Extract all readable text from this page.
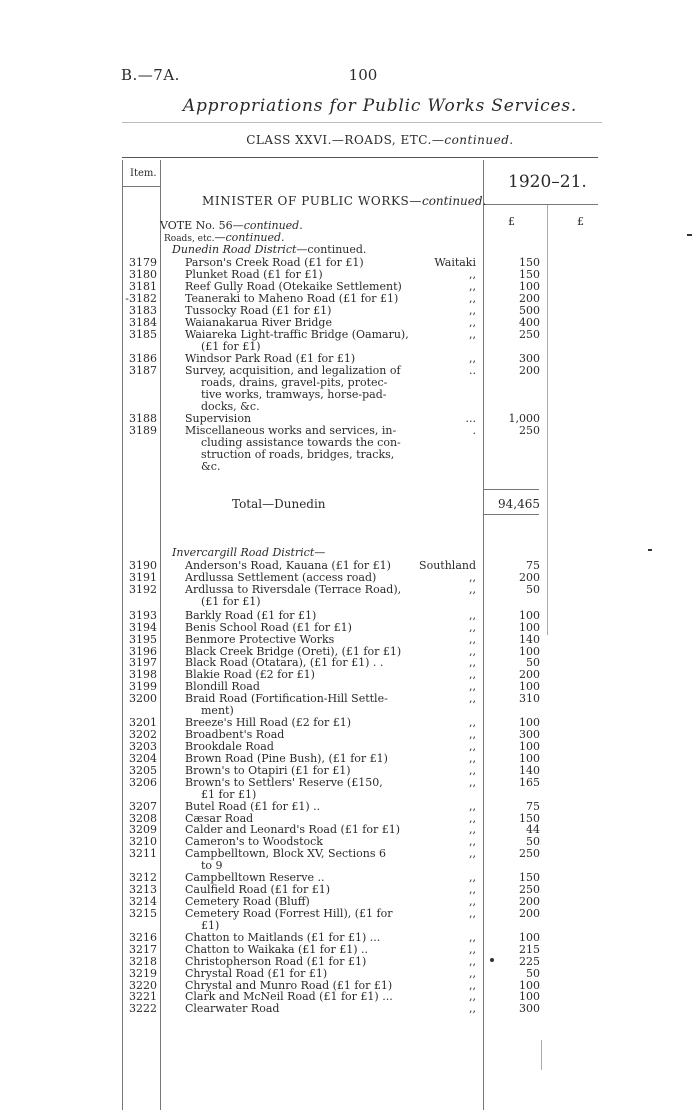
B.—7A.	100
Appropriations for Public Works Services.
CLASS XXVI.—ROADS, ETC.—continued.
Item.	1920–21.
MINISTER OF PUBLIC WORKS—continued.
£	£
VOTE No. 56—continued.
Roads, etc.—continued.
Dunedin Road District—continued.
3179	Parson's Creek Road (£1 for £1)	Waitaki	150
3180	Plunket Road (£1 for £1)	,,	150
3181	Reef Gully Road (Otekaike Settlement)	,,	100
-3182	Teaneraki to Maheno Road (£1 for £1)	,,	200
3183	Tussocky Road (£1 for £1)	,,	500
3184	Waianakarua River Bridge	,,	400
3185	Waiareka Light-traffic Bridge (Oamaru),	,,	250
(£1 for £1)
3186	Windsor Park Road (£1 for £1)	,,	300
3187	Survey, acquisition, and legalization of	..	200
roads, drains, gravel-pits, protec-
tive works, tramways, horse-pad-
docks, &c.
3188	Supervision	...	1,000
3189	Miscellaneous works and services, in-	.	250
cluding assistance towards the con-
struction of roads, bridges, tracks,
&c.
Total—Dunedin	94,465
Invercargill Road District—
3190	Anderson's Road, Kauana (£1 for £1)	Southland	75
3191	Ardlussa Settlement (access road)	,,	200
3192	Ardlussa to Riversdale (Terrace Road),	,,	50
(£1 for £1)
3193	Barkly Road (£1 for £1)	,,	100
3194	Benis School Road (£1 for £1)	,,	100
3195	Benmore Protective Works	,,	140
3196	Black Creek Bridge (Oreti), (£1 for £1)	,,	100
3197	Black Road (Otatara), (£1 for £1) . .	,,	50
3198	Blakie Road (£2 for £1)	,,	200
3199	Blondill Road	,,	100
3200	Braid Road (Fortification-Hill Settle-	,,	310
ment)
3201	Breeze's Hill Road (£2 for £1)	,,	100
3202	Broadbent's Road	,,	300
3203	Brookdale Road	,,	100
3204	Brown Road (Pine Bush), (£1 for £1)	,,	100
3205	Brown's to Otapiri (£1 for £1)	,,	140
3206	Brown's to Settlers' Reserve (£150,	,,	165
£1 for £1)
3207	Butel Road (£1 for £1) ..	,,	75
3208	Cæsar Road	,,	150
3209	Calder and Leonard's Road (£1 for £1)	,,	44
3210	Cameron's to Woodstock	,,	50
3211	Campbelltown, Block XV, Sections 6	,,	250
to 9
3212	Campbelltown Reserve ..	,,	150
3213	Caulfield Road (£1 for £1)	,,	250
3214	Cemetery Road (Bluff)	,,	200
3215	Cemetery Road (Forrest Hill), (£1 for	,,	200
£1)
3216	Chatton to Maitlands (£1 for £1) ...	,,	100
3217	Chatton to Waikaka (£1 for £1) ..	,,	215
3218	Christopherson Road (£1 for £1)	,,	225
3219	Chrystal Road (£1 for £1)	,,	50
3220	Chrystal and Munro Road (£1 for £1)	,,	100
3221	Clark and McNeil Road (£1 for £1) ...	,,	100
3222	Clearwater Road	,,	300
